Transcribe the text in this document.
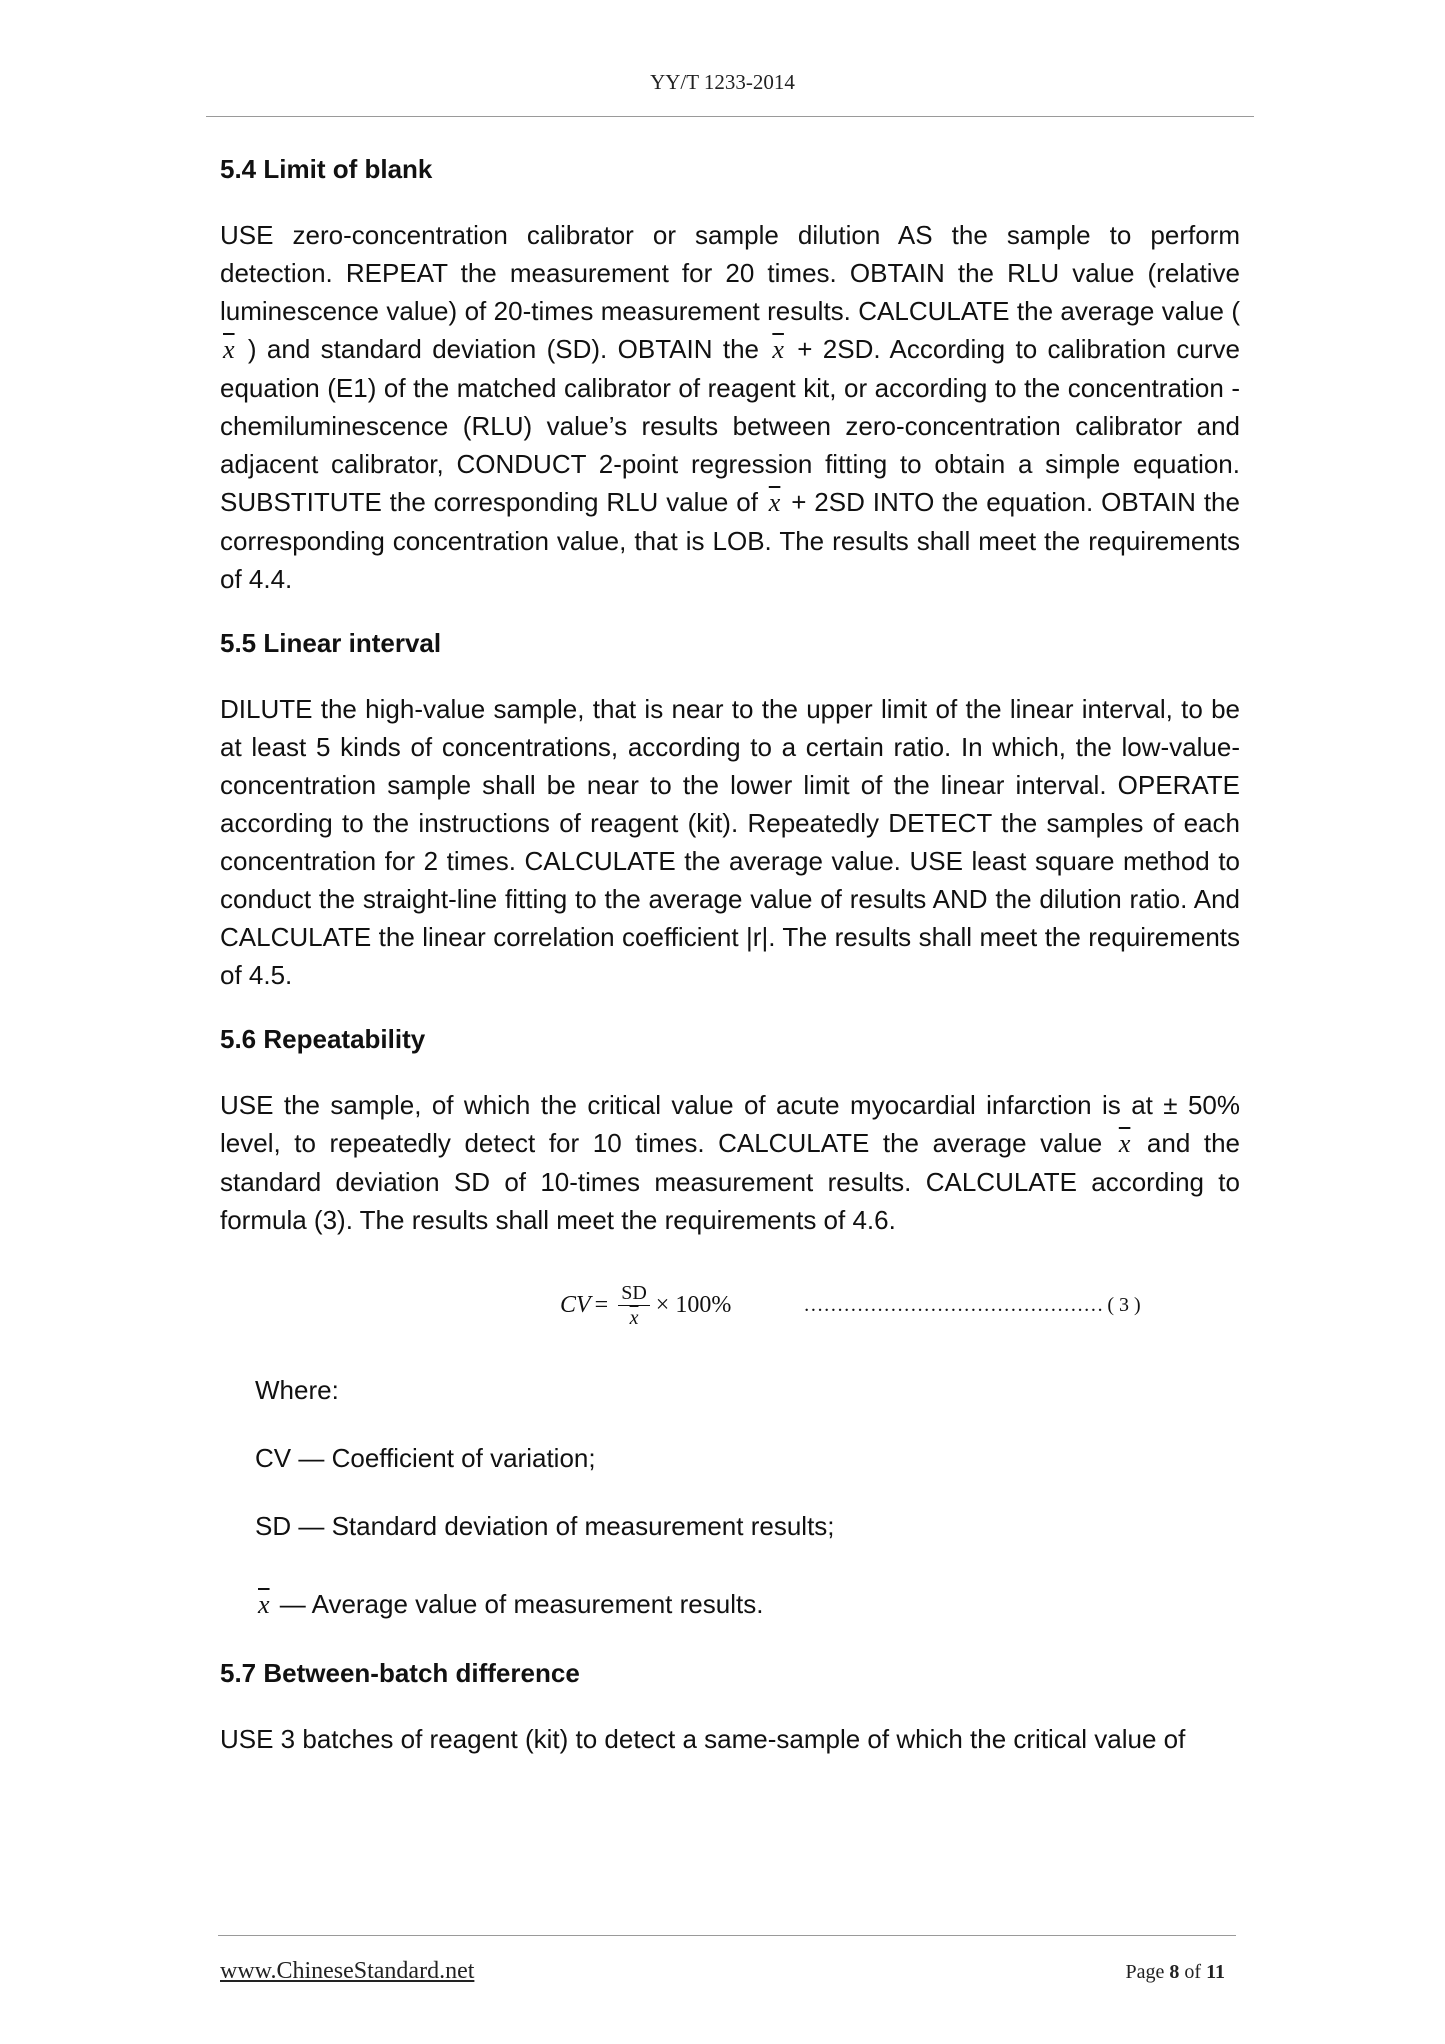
YY/T 1233-2014
5.4 Limit of blank

USE zero-concentration calibrator or sample dilution AS the sample to perform detection. REPEAT the measurement for 20 times. OBTAIN the RLU value (relative luminescence value) of 20-times measurement results. CALCULATE the average value ( $\overline{x}$ ) and standard deviation (SD). OBTAIN the $\overline{x} + 2SD$. According to calibration curve equation (E1) of the matched calibrator of reagent kit, or according to the concentration - chemiluminescence (RLU) value’s results between zero-concentration calibrator and adjacent calibrator, CONDUCT 2-point regression fitting to obtain a simple equation. SUBSTITUTE the corresponding RLU value of $\overline{x} + 2SD$ INTO the equation. OBTAIN the corresponding concentration value, that is LOB. The results shall meet the requirements of 4.4.

5.5 Linear interval

DILUTE the high-value sample, that is near to the upper limit of the linear interval, to be at least 5 kinds of concentrations, according to a certain ratio. In which, the low-value-concentration sample shall be near to the lower limit of the linear interval. OPERATE according to the instructions of reagent (kit). Repeatedly DETECT the samples of each concentration for 2 times. CALCULATE the average value. USE least square method to conduct the straight-line fitting to the average value of results AND the dilution ratio. And CALCULATE the linear correlation coefficient |r|. The results shall meet the requirements of 4.5.

5.6 Repeatability

USE the sample, of which the critical value of acute myocardial infarction is at ± 50% level, to repeatedly detect for 10 times. CALCULATE the average value $\overline{x}$ and the standard deviation SD of 10-times measurement results. CALCULATE according to formula (3). The results shall meet the requirements of 4.6.

CV = $\frac{SD}{x} \times 100\%$	……………………………………… ( 3 )

Where:

CV — Coefficient of variation;

SD — Standard deviation of measurement results;

$\overline{x}$ — Average value of measurement results.

5.7 Between-batch difference

USE 3 batches of reagent (kit) to detect a same-sample of which the critical value of

www.ChineseStandard.net	Page 8 of 11
